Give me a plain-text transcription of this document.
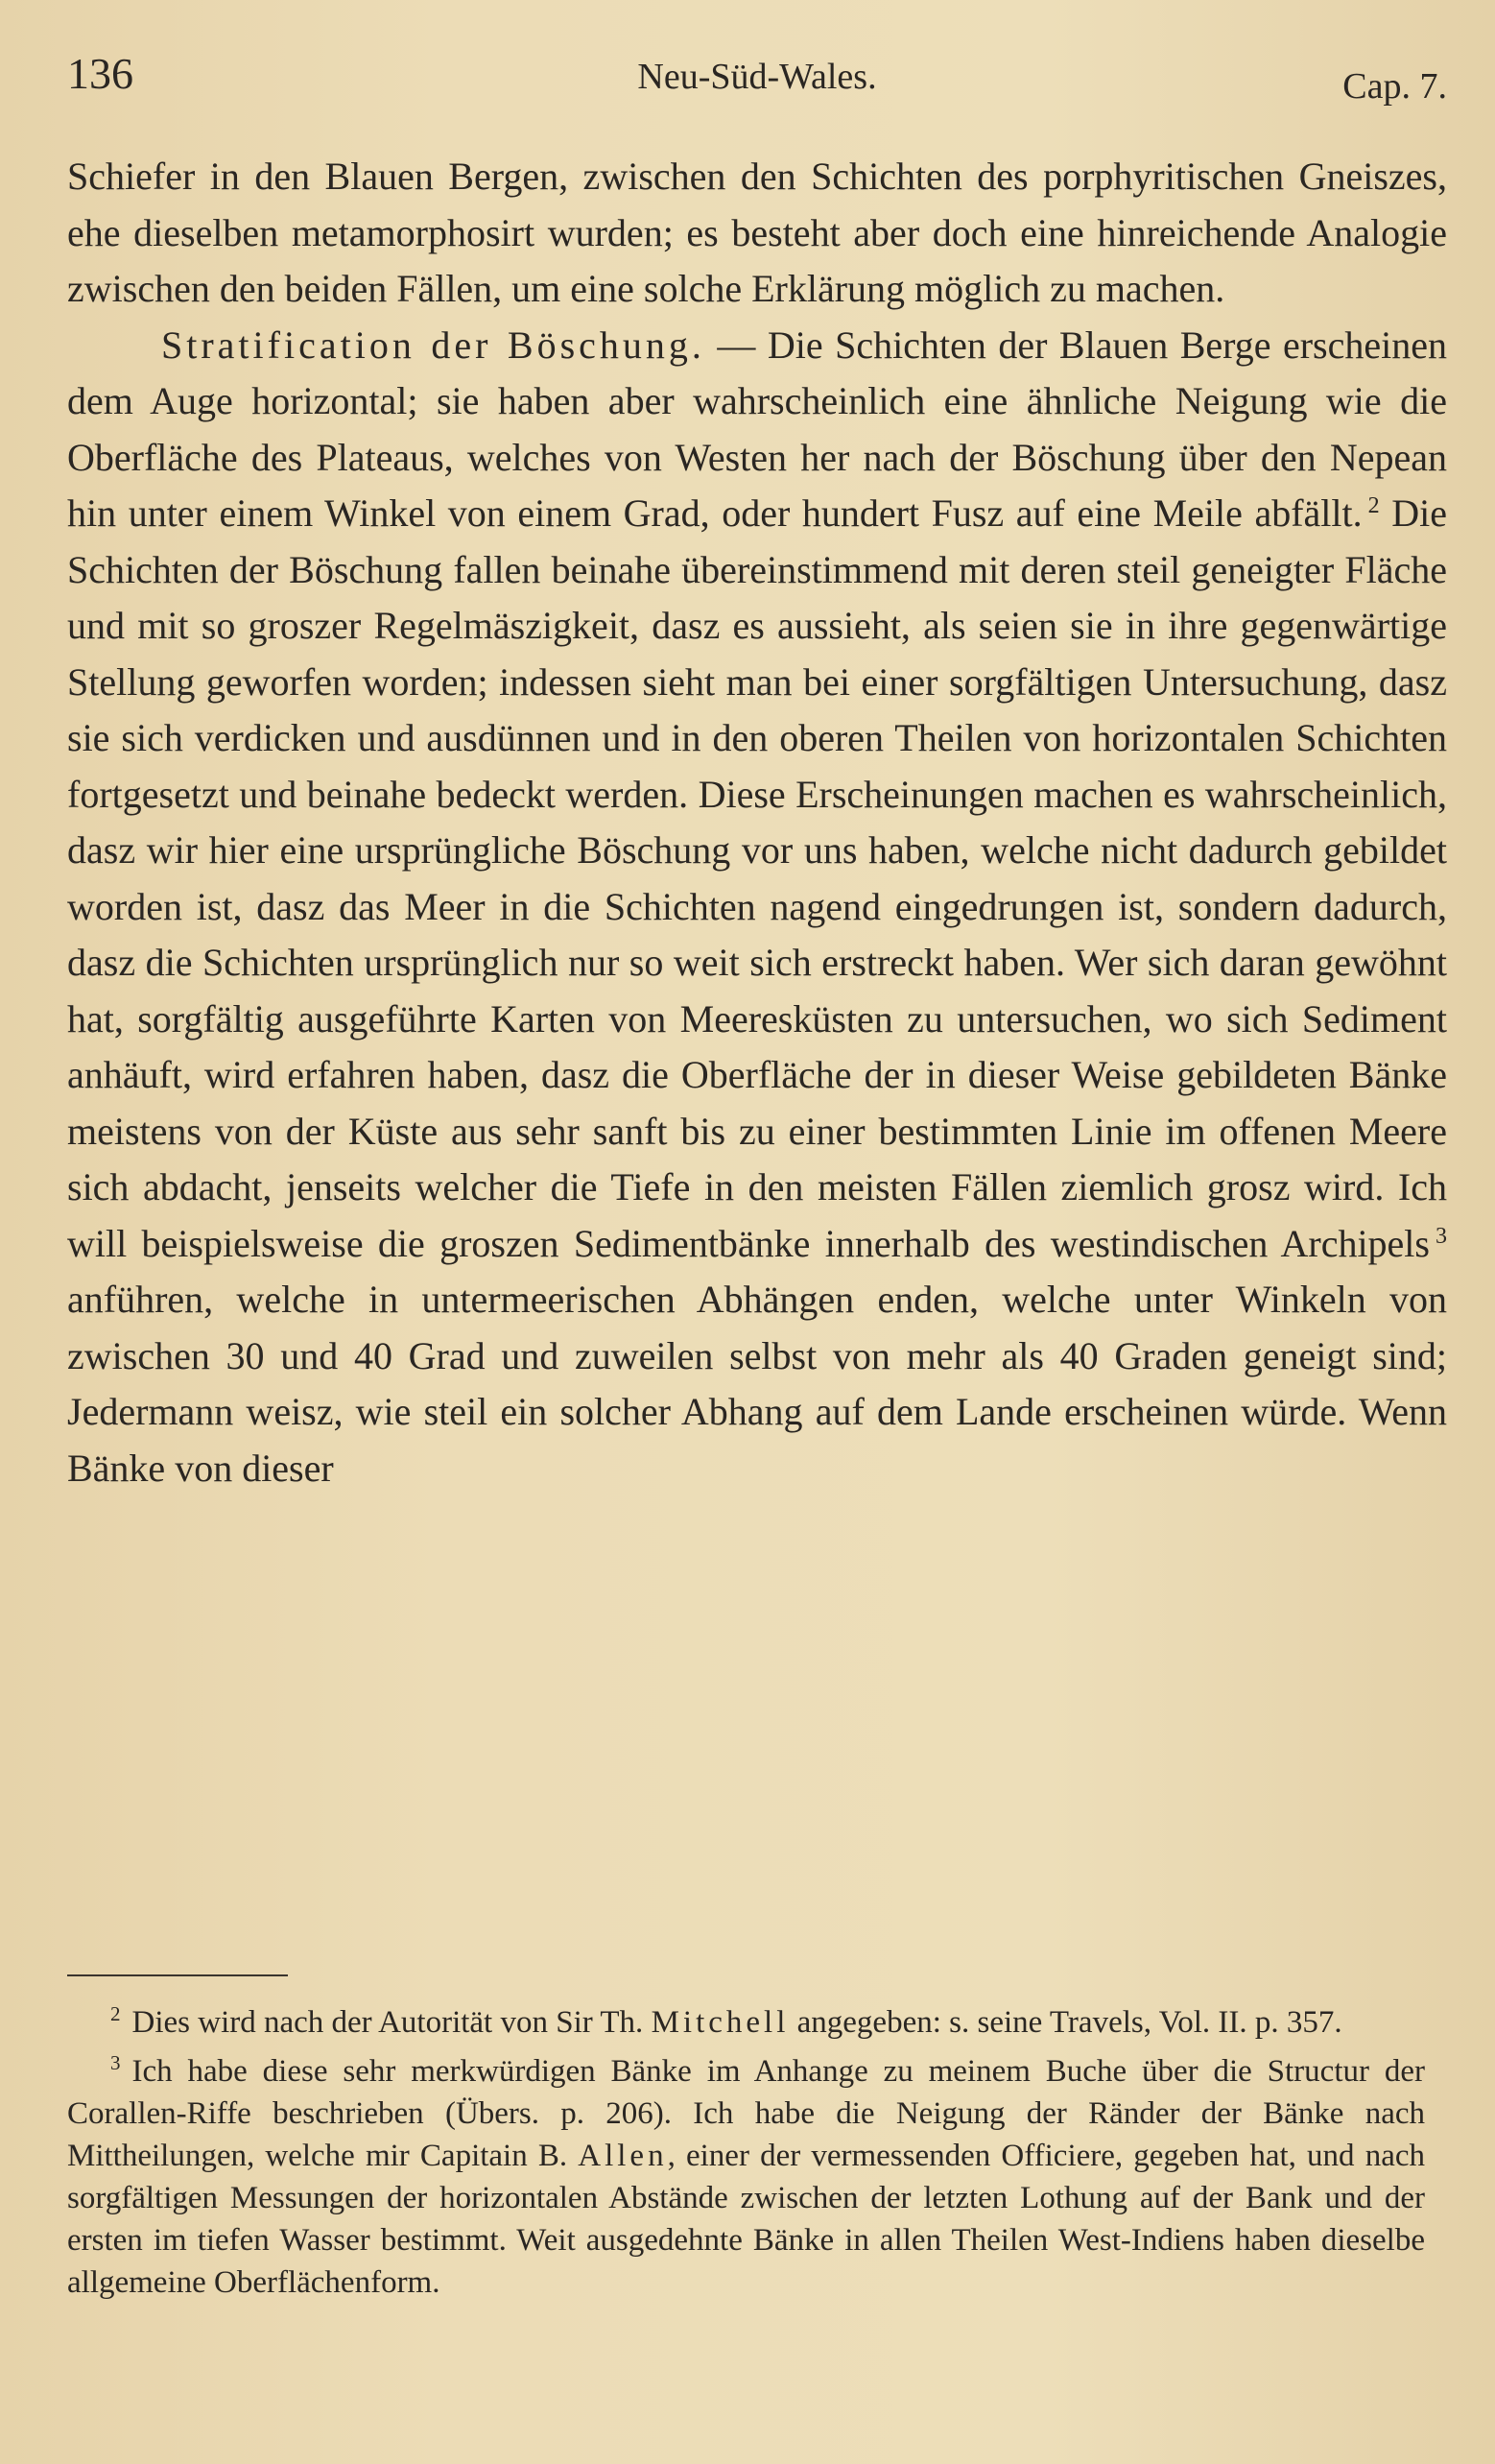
136	Neu-Süd-Wales.	Cap. 7.

Schiefer in den Blauen Bergen, zwischen den Schichten des porphyritischen Gneiszes, ehe dieselben metamorphosirt wurden; es besteht aber doch eine hinreichende Analogie zwischen den beiden Fällen, um eine solche Erklärung möglich zu machen.

Stratification der Böschung. — Die Schichten der Blauen Berge erscheinen dem Auge horizontal; sie haben aber wahrscheinlich eine ähnliche Neigung wie die Oberfläche des Plateaus, welches von Westen her nach der Böschung über den Nepean hin unter einem Winkel von einem Grad, oder hundert Fusz auf eine Meile abfällt. $^2$ Die Schichten der Böschung fallen beinahe übereinstimmend mit deren steil geneigter Fläche und mit so groszer Regelmäszigkeit, dasz es aussieht, als seien sie in ihre gegenwärtige Stellung geworfen worden; indessen sieht man bei einer sorgfältigen Untersuchung, dasz sie sich verdicken und ausdünnen und in den oberen Theilen von horizontalen Schichten fortgesetzt und beinahe bedeckt werden. Diese Erscheinungen machen es wahrscheinlich, dasz wir hier eine ursprüngliche Böschung vor uns haben, welche nicht dadurch gebildet worden ist, dasz das Meer in die Schichten nagend eingedrungen ist, sondern dadurch, dasz die Schichten ursprünglich nur so weit sich erstreckt haben. Wer sich daran gewöhnt hat, sorgfältig ausgeführte Karten von Meeresküsten zu untersuchen, wo sich Sediment anhäuft, wird erfahren haben, dasz die Oberfläche der in dieser Weise gebildeten Bänke meistens von der Küste aus sehr sanft bis zu einer bestimmten Linie im offenen Meere sich abdacht, jenseits welcher die Tiefe in den meisten Fällen ziemlich grosz wird. Ich will beispielsweise die groszen Sedimentbänke innerhalb des westindischen Archipels $^3$ anführen, welche in untermeerischen Abhängen enden, welche unter Winkeln von zwischen 30 und 40 Grad und zuweilen selbst von mehr als 40 Graden geneigt sind; Jedermann weisz, wie steil ein solcher Abhang auf dem Lande erscheinen würde. Wenn Bänke von dieser

$^2$ Dies wird nach der Autorität von Sir Th. Mitchell angegeben: s. seine Travels, Vol. II. p. 357.

$^3$ Ich habe diese sehr merkwürdigen Bänke im Anhange zu meinem Buche über die Structur der Corallen-Riffe beschrieben (Übers. p. 206). Ich habe die Neigung der Ränder der Bänke nach Mittheilungen, welche mir Capitain B. Allen, einer der vermessenden Officiere, gegeben hat, und nach sorgfältigen Messungen der horizontalen Abstände zwischen der letzten Lothung auf der Bank und der ersten im tiefen Wasser bestimmt. Weit ausgedehnte Bänke in allen Theilen West-Indiens haben dieselbe allgemeine Oberflächenform.
